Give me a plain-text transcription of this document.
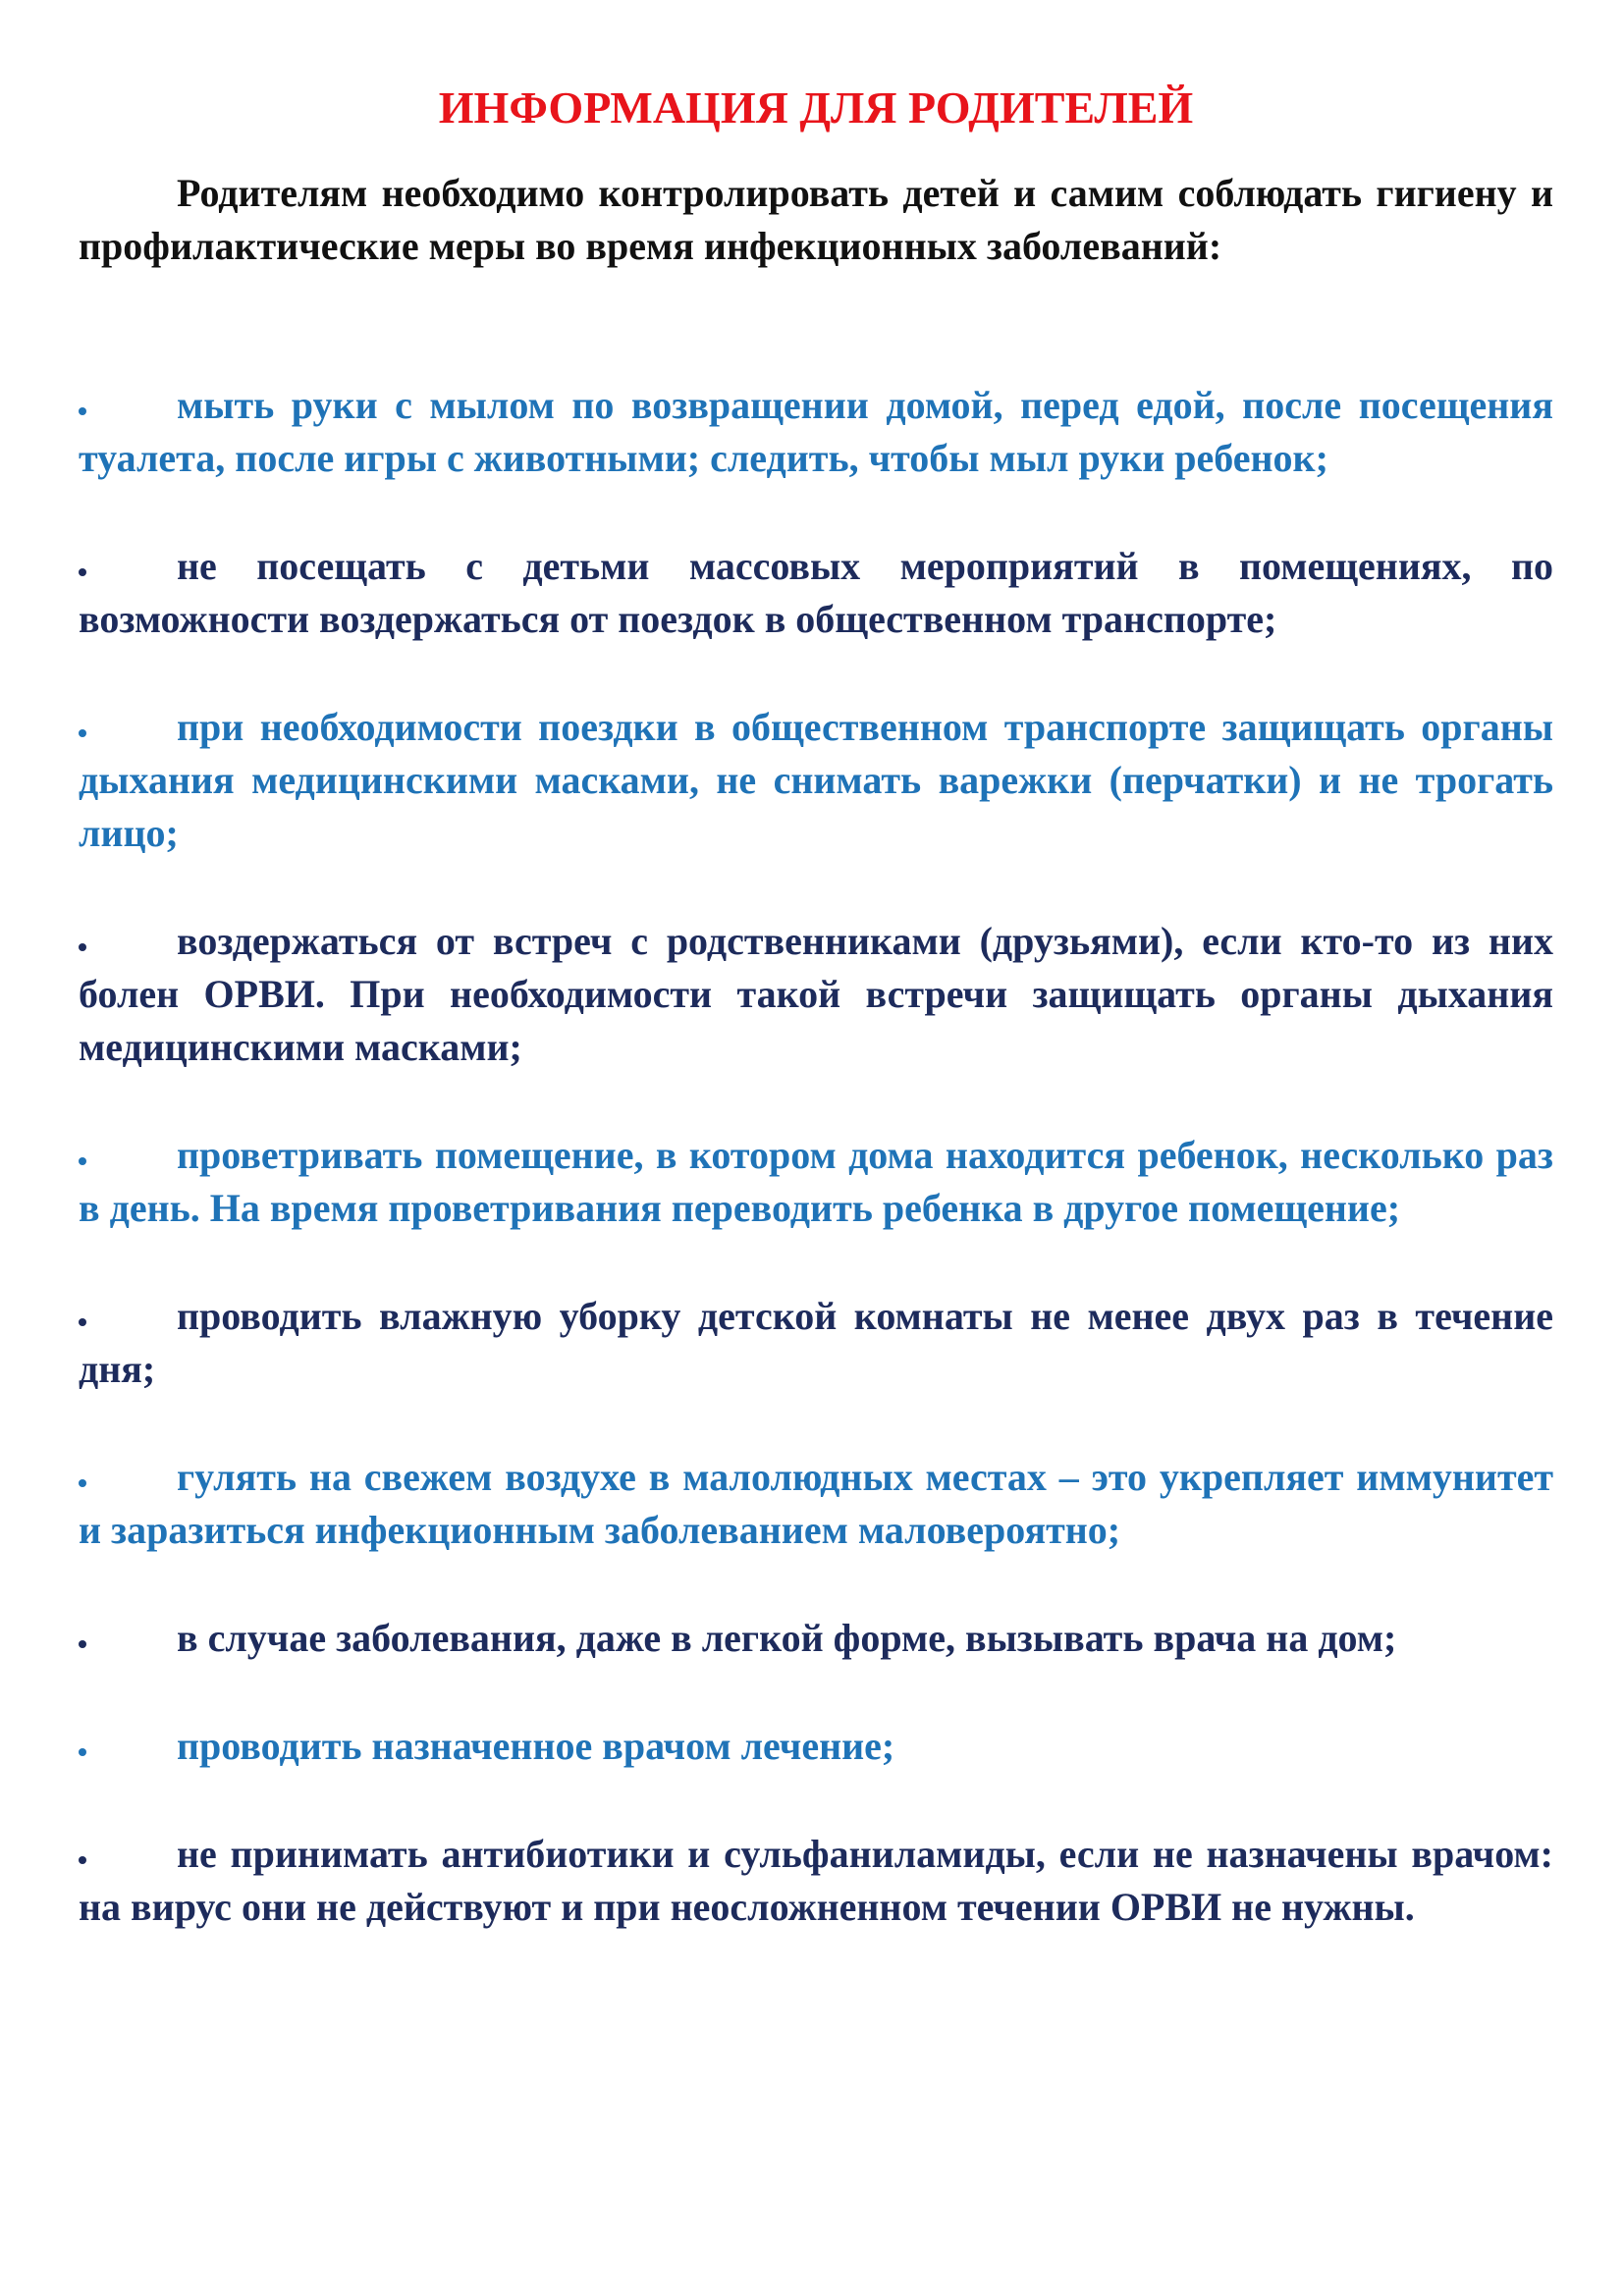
ИНФОРМАЦИЯ ДЛЯ РОДИТЕЛЕЙ

Родителям необходимо контролировать детей и самим соблюдать гигиену и профилактические меры во время инфекционных заболеваний:

мыть руки с мылом по возвращении домой, перед едой, после посещения туалета, после игры с животными; следить, чтобы мыл руки ребенок;
не посещать с детьми массовых мероприятий в помещениях, по возможности воздержаться от поездок в общественном транспорте;
при необходимости поездки в общественном транспорте защищать органы дыхания медицинскими масками, не снимать варежки (перчатки) и не трогать лицо;
воздержаться от встреч с родственниками (друзьями), если кто-то из них болен ОРВИ. При необходимости такой встречи защищать органы дыхания медицинскими масками;
проветривать помещение, в котором дома находится ребенок, несколько раз в день. На время проветривания переводить ребенка в другое помещение;
проводить влажную уборку детской комнаты не менее двух раз в течение дня;
гулять на свежем воздухе в малолюдных местах – это укрепляет иммунитет и заразиться инфекционным заболеванием маловероятно;
в случае заболевания, даже в легкой форме, вызывать врача на дом;
проводить назначенное врачом лечение;
не принимать антибиотики и сульфаниламиды, если не назначены врачом: на вирус они не действуют и при неосложненном течении ОРВИ не нужны.
